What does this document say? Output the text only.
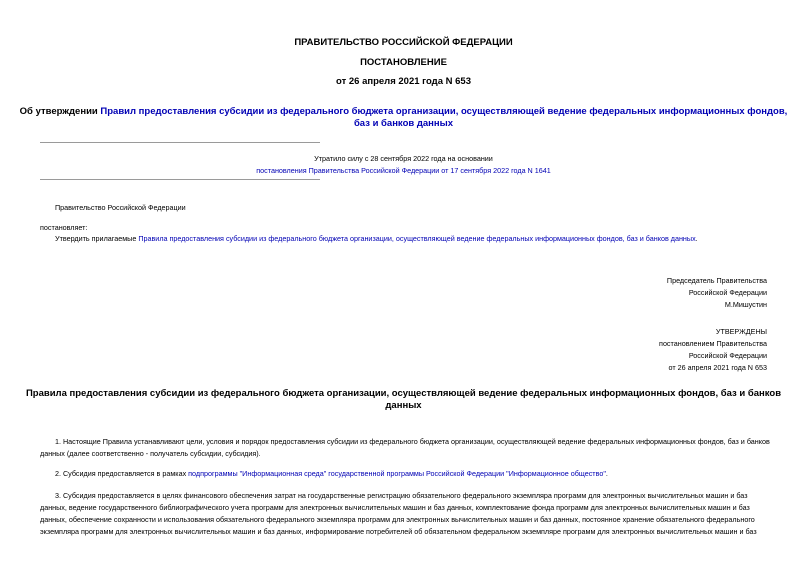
ПРАВИТЕЛЬСТВО РОССИЙСКОЙ ФЕДЕРАЦИИ
ПОСТАНОВЛЕНИЕ
от 26 апреля 2021 года N 653
Об утверждении Правил предоставления субсидии из федерального бюджета организации, осуществляющей ведение федеральных информационных фондов,
баз и банков данных
Утратило силу с 28 сентября 2022 года на основании
постановления Правительства Российской Федерации от 17 сентября 2022 года N 1641
Правительство Российской Федерации
постановляет:
Утвердить прилагаемые Правила предоставления субсидии из федерального бюджета организации, осуществляющей ведение федеральных информационных фондов, баз и банков данных.
Председатель Правительства
Российской Федерации
М.Мишустин
УТВЕРЖДЕНЫ
постановлением Правительства
Российской Федерации
от 26 апреля 2021 года N 653
Правила предоставления субсидии из федерального бюджета организации, осуществляющей ведение федеральных информационных фондов, баз и банков
данных
1. Настоящие Правила устанавливают цели, условия и порядок предоставления субсидии из федерального бюджета организации, осуществляющей ведение федеральных информационных фондов, баз и банков
данных (далее соответственно - получатель субсидии, субсидия).
2. Субсидия предоставляется в рамках подпрограммы "Информационная среда" государственной программы Российской Федерации "Информационное общество".
3. Субсидия предоставляется в целях финансового обеспечения затрат на государственные регистрацию обязательного федерального экземпляра программ для электронных вычислительных машин и баз
данных, ведение государственного библиографического учета программ для электронных вычислительных машин и баз данных, комплектование фонда программ для электронных вычислительных машин и баз
данных, обеспечение сохранности и использования обязательного федерального экземпляра программ для электронных вычислительных машин и баз данных, постоянное хранение обязательного федерального
экземпляра программ для электронных вычислительных машин и баз данных, информирование потребителей об обязательном федеральном экземпляре программ для электронных вычислительных машин и баз
